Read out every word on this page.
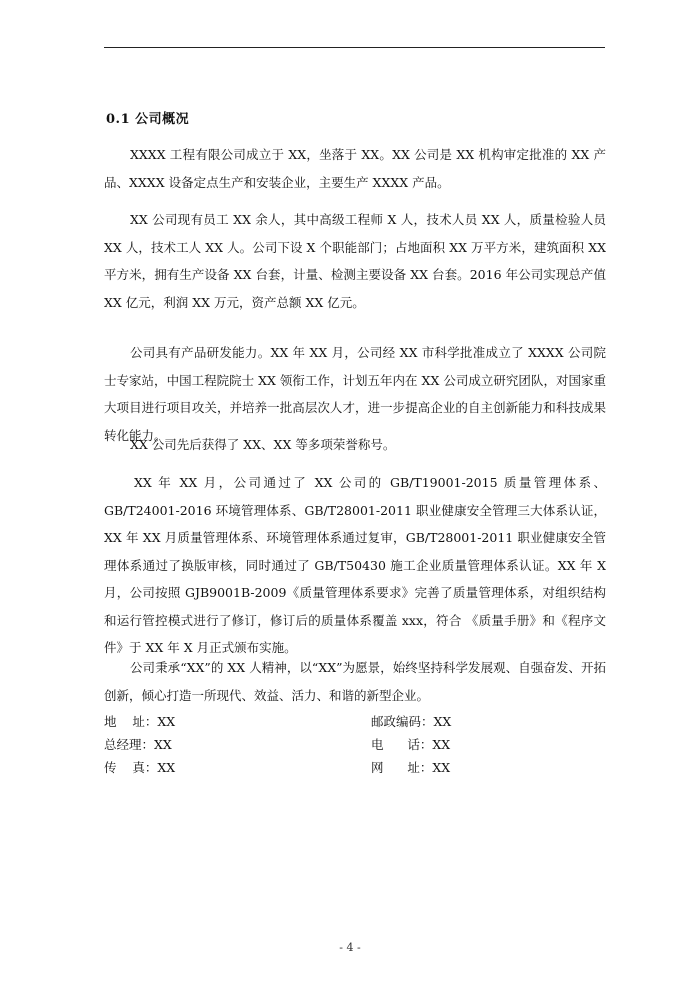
0.1 公司概况

XXXX 工程有限公司成立于 XX，坐落于 XX。XX 公司是 XX 机构审定批准的 XX 产品、XXXX 设备定点生产和安装企业，主要生产 XXXX 产品。

XX 公司现有员工 XX 余人，其中高级工程师 X 人，技术人员 XX 人，质量检验人员 XX 人，技术工人 XX 人。公司下设 X 个职能部门；占地面积 XX 万平方米，建筑面积 XX 平方米，拥有生产设备 XX 台套，计量、检测主要设备 XX 台套。2016 年公司实现总产值 XX 亿元，利润 XX 万元，资产总额 XX 亿元。

公司具有产品研发能力。XX 年 XX 月，公司经 XX 市科学批准成立了 XXXX 公司院士专家站，中国工程院院士 XX 领衔工作，计划五年内在 XX 公司成立研究团队，对国家重大项目进行项目攻关，并培养一批高层次人才，进一步提高企业的自主创新能力和科技成果转化能力。

XX 公司先后获得了 XX、XX 等多项荣誉称号。

XX 年 XX 月，公司通过了 XX 公司的 GB/T19001-2015 质量管理体系、GB/T24001-2016 环境管理体系、GB/T28001-2011 职业健康安全管理三大体系认证，XX 年 XX 月质量管理体系、环境管理体系通过复审，GB/T28001-2011 职业健康安全管理体系通过了换版审核，同时通过了 GB/T50430 施工企业质量管理体系认证。XX 年 X 月，公司按照 GJB9001B-2009《质量管理体系要求》完善了质量管理体系，对组织结构和运行管控模式进行了修订，修订后的质量体系覆盖 xxx，符合 《质量手册》和《程序文件》于 XX 年 X 月正式颁布实施。

公司秉承“XX”的 XX 人精神，以“XX”为愿景，始终坚持科学发展观、自强奋发、开拓创新，倾心打造一所现代、效益、活力、和谐的新型企业。

地    址：XX
总经理：XX
传    真：XX
邮政编码：XX
电      话：XX
网      址：XX
- 4 -
